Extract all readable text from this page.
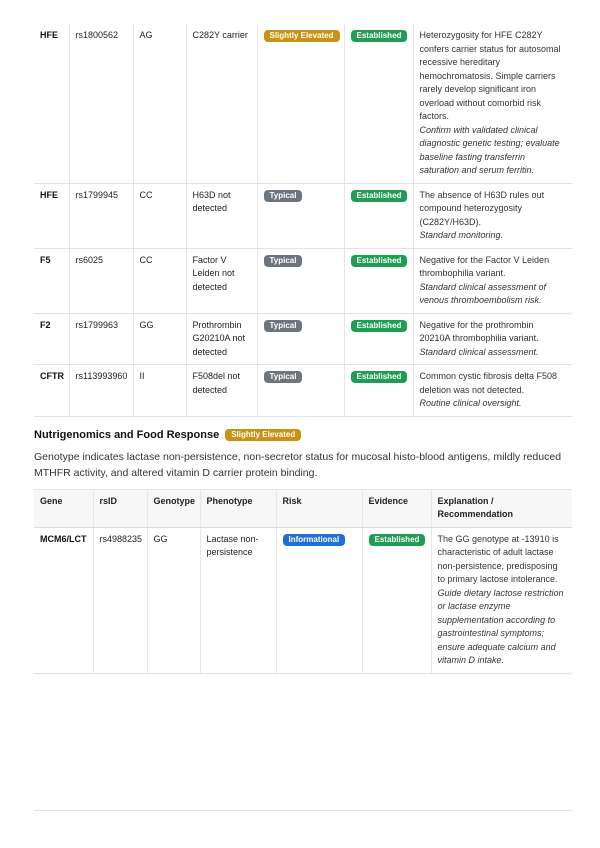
HFE	rs1800562	AG	C282Y carrier	Slightly Elevated	Established	Heterozygosity for HFE C282Y confers carrier status for autosomal recessive hereditary hemochromatosis. Simple carriers rarely develop significant iron overload without comorbid risk factors.
Confirm with validated clinical diagnostic genetic testing; evaluate baseline fasting transferrin saturation and serum ferritin.

HFE	rs1799945	CC	H63D not detected	Typical	Established	The absence of H63D rules out compound heterozygosity (C282Y/H63D).
Standard monitoring.

F5	rs6025	CC	Factor V Leiden not detected	Typical	Established	Negative for the Factor V Leiden thrombophilia variant.
Standard clinical assessment of venous thromboembolism risk.

F2	rs1799963	GG	Prothrombin G20210A not detected	Typical	Established	Negative for the prothrombin 20210A thrombophilia variant.
Standard clinical assessment.

CFTR	rs113993960	II	F508del not detected	Typical	Established	Common cystic fibrosis delta F508 deletion was not detected.
Routine clinical oversight.
Nutrigenomics and Food Response	Slightly Elevated
Genotype indicates lactase non-persistence, non-secretor status for mucosal histo-blood antigens, mildly reduced MTHFR activity, and altered vitamin D carrier protein binding.
Gene	rsID	Genotype	Phenotype	Risk	Evidence	Explanation / Recommendation
MCM6/LCT	rs4988235	GG	Lactase non-persistence	Informational	Established	The GG genotype at -13910 is characteristic of adult lactase non-persistence, predisposing to primary lactose intolerance.
Guide dietary lactose restriction or lactase enzyme supplementation according to gastrointestinal symptoms; ensure adequate calcium and vitamin D intake.
